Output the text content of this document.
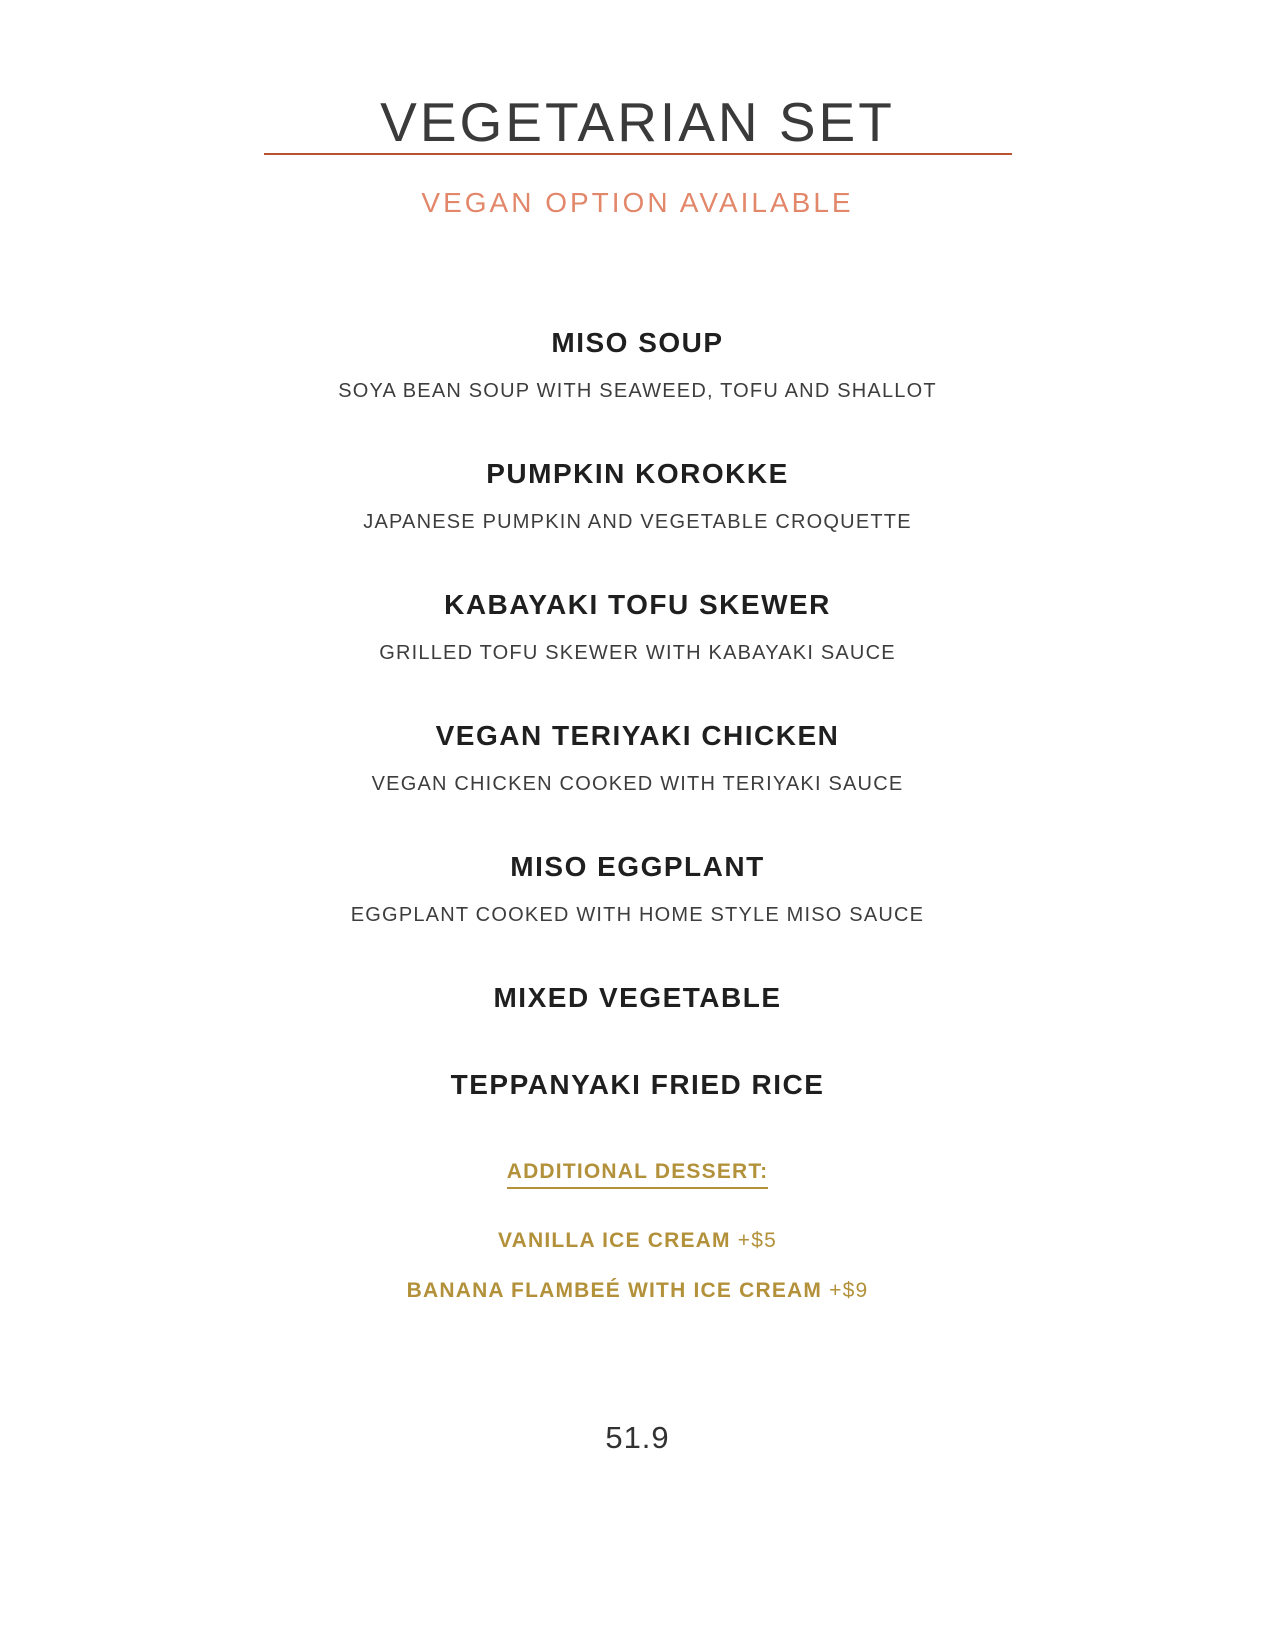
VEGETARIAN SET

VEGAN OPTION AVAILABLE

MISO SOUP

SOYA BEAN SOUP WITH SEAWEED, TOFU AND SHALLOT

PUMPKIN KOROKKE

JAPANESE PUMPKIN AND VEGETABLE CROQUETTE

KABAYAKI TOFU SKEWER

GRILLED TOFU SKEWER WITH KABAYAKI SAUCE

VEGAN TERIYAKI CHICKEN

VEGAN CHICKEN COOKED WITH TERIYAKI SAUCE

MISO EGGPLANT

EGGPLANT COOKED WITH HOME STYLE MISO SAUCE

MIXED VEGETABLE

TEPPANYAKI FRIED RICE

ADDITIONAL DESSERT:

VANILLA ICE CREAM +$5

BANANA FLAMBEÉ WITH ICE CREAM +$9

51.9
